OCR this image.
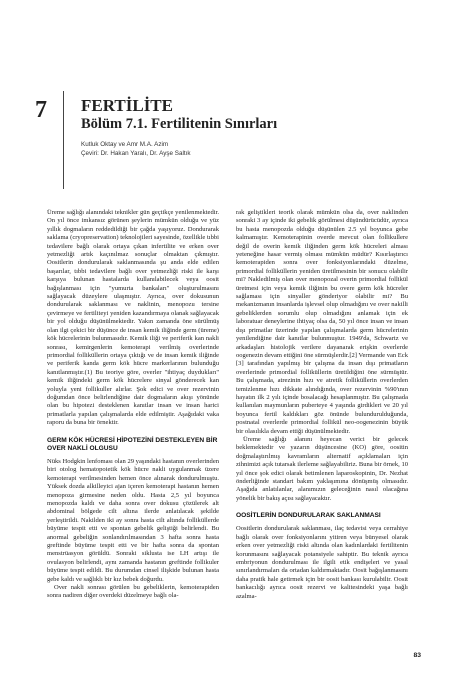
7 FERTİLİTE
Bölüm 7.1. Fertilitenin Sınırları
Kutluk Oktay ve Amr M.A. Azim
Çeviri: Dr. Hakan Yaralı, Dr. Ayşe Saltık

Üreme sağlığı alanındaki teknikler gün geçtikçe yenilenmektedir. On yıl önce imkansız görünen şeylerin mümkün olduğu ve yüz yıllık dogmaların reddedildiği bir çağda yaşıyoruz. Dondurarak saklama (cryopreservation) teknolojileri sayesinde, özellikle tıbbi tedavilere bağlı olarak ortaya çıkan infertilite ve erken over yetmezliği artık kaçınılmaz sonuçlar olmaktan çıkmıştır. Oositlerin dondurularak saklanmasında şu anda elde edilen başarılar, tıbbi tedavilere bağlı over yetmezliği riski ile karşı karşıya bulunan hastalarda kullanılabilecek veya oosit bağışlanması için "yumurta bankaları" oluşturulmasını sağlayacak düzeylere ulaşmıştır. Ayrıca, over dokusunun dondurularak saklanması ve naklinin, menopozu tersine çevirmeye ve fertiliteyi yeniden kazandırmaya olanak sağlayacak bir yol olduğu düşünülmektedir. Yakın zamanda öne sürülmüş olan ilgi çekici bir düşünce de insan kemik iliğinde germ (üreme) kök hücrelerinin bulunmasıdır. Kemik iliği ve periferik kan nakli sonrası, kemirgenlerin kemoterapi verilmiş overlerinde primordial folliküllerin ortaya çıktığı ve de insan kemik iliğinde ve periferik kanda germ kök hücre markerlarının bulunduğu kanıtlanmıştır.(1) Bu teoriye göre, overler "ihtiyaç duydukları" kemik iliğindeki germ kök hücrelere sinyal gönderecek kan yoluyla yeni follikuller alırlar. Şok edici ve over rezervinin doğumdan önce belirlendiğine dair dogmaların akışı yönünde olan bu hipotezi desteklenen kanıtlar insan ve insan harici primatlarla yapılan çalışmalarda elde edilmiştir. Aşağıdaki vaka raporu da buna bir örnektir.

GERM KÖK HÜCRESİ HİPOTEZİNİ DESTEKLEYEN BİR OVER NAKLİ OLGUSU

Nüks Hodgkin lenfoması olan 29 yaşındaki hastanın overlerinden biri otolog hematopoietik kök hücre nakli uygulanmak üzere kemoterapi verilmesinden hemen önce alınarak dondurulmuştu. Yüksek dozda alkilleyici ajan içeren kemoterapi hastanın hemen menopoza girmesine neden oldu. Hasta 2,5 yıl boyunca menopozda kaldı ve daha sonra over dokusu çözülerek alt abdominal bölgede cilt altına ilerde anlatılacak şekilde yerleştirildi. Nakilden iki ay sonra hasta cilt altında folliküllerde büyüme tespit etti ve spontan gebelik geliştiği belirlendi. Bu anormal gebeliğin sonlandırılmasından 3 hafta sonra hasta greftinde büyüme tespit etti ve bir hafta sonra da spontan menstrüasyon görüldü. Sonraki siklusta ise LH artışı ile ovulasyon belirlendi, aynı zamanda hastanın greftinde follikuler büyüme tespit edildi. Bu durumdan cinsel ilişkide bulunan hasta gebe kaldı ve sağlıklı bir kız bebek doğurdu.

Over nakli sonrası görülen bu gebeliklerin, kemoterapiden sonra nadiren diğer overdeki düzelmeye bağlı ola-

rak geliştikleri teorik olarak mümkün olsa da, over naklinden sonraki 3 ay içinde iki gebelik görülmesi düşündürücüdür, ayrıca bu hasta menopozda olduğu düşünülen 2.5 yıl boyunca gebe kalmamıştır. Kemoterapinin overde mevcut olan follikullere değil de overin kemik iliğinden germ kök hücreleri alması yeteneğine hasar vermiş olması mümkün müdür? Kısırlaştırıcı kemoterapiden sonra over fonksiyonlarındaki düzelme, primordial folliküllerin yeniden üretilmesinin bir sonucu olabilir mi? Nakledilmiş olan over menopozal overin primordial follikül üretmesi için veya kemik iliğinin bu overe germ kök hücreler sağlaması için sinyaller gönderiyor olabilir mi? Bu mekanizmanın insanlarda işlevsel olup olmadığını ve over nakilli gebeliklerden sorumlu olup olmadığını anlamak için ek laboratuar deneylerine ihtiyaç olsa da, 50 yıl önce insan ve insan dışı primatlar üzerinde yapılan çalışmalarda germ hücrelerinin yenilendiğine dair kanıtlar bulunmuştur. 1949'da, Schwartz ve arkadaşları histolojik verilere dayanarak erişkin overlerde oogenezin devam ettiğini öne sürmüşlerdir.[2] Vermande van Eck [3] tarafından yapılmış bir çalışma da insan dışı primatların overlerinde primordial folliküllerin üretildiğini öne sürmüştür. Bu çalışmada, atrezinin hızı ve atretik folliküllerin overlerden temizlenme hızı dikkate alındığında, over rezervinin %90'ının hayatın ilk 2 yılı içinde bosalacağı hesaplanmıştır. Bu çalışmada kullanılan maymunların puberteye 4 yaşında girdikleri ve 20 yıl boyunca fertil kaldıkları göz önünde bulundurulduğunda, postnatal overlerde primordial follikül neo-oogenezinin büyük bir olasılıkla devam ettiği düşünülmektedir.

Üreme sağlığı alanını heyecan verici bir gelecek beklemektedir ve yazarın düşüncesine (KO) göre, oositin doğmalaştırılmış kavramların alternatif açıklamaları için zihnimizi açık tutarsak ilerleme sağlayabiliriz. Buna bir örnek, 10 yıl önce şok edici olarak betimlenen laparoskopinin, Dr. Nezhat önderliğinde standart bakım yaklaşımına dönüşmüş olmasıdır. Aşağıda anlatılanlar, alanımızın geleceğinin nasıl olacağına yönelik bir bakış açısı sağlayacaktır.

OOSİTLERİN DONDURULARAK SAKLANMASI

Oositlerin dondurularak saklanması, ilaç tedavisi veya cerrahiye bağlı olarak over fonksiyonlarını yitiren veya bünyesel olarak erken over yetmezliği riski altında olan kadınlardaki fertilitenin korunmasını sağlayacak potansiyele sahiptir. Bu teknik ayrıca embriyonun dondurulması ile ilgili etik endişeleri ve yasal sınırlandırmaları da ortadan kaldırmaktadır. Oosit bağışlanmasını daha pratik hale getirmek için bir oosit bankası kurulabilir. Oosit bankacılığı ayrıca oosit rezervi ve kalitesindeki yaşa bağlı azalma-

83
